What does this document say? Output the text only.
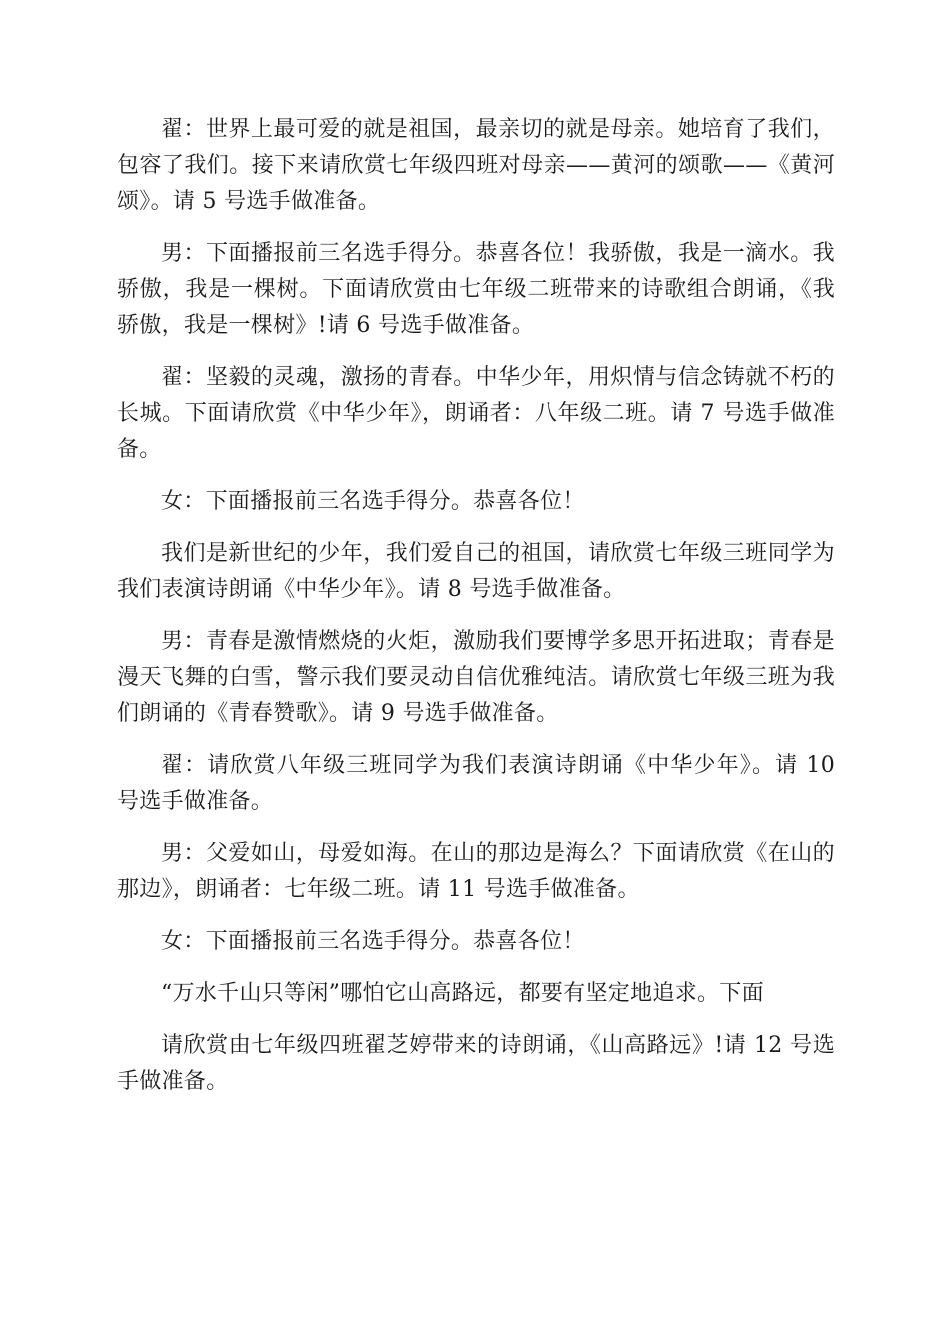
翟：世界上最可爱的就是祖国，最亲切的就是母亲。她培育了我们，包容了我们。接下来请欣赏七年级四班对母亲——黄河的颂歌——《黄河颂》。请 5 号选手做准备。

男：下面播报前三名选手得分。恭喜各位！我骄傲，我是一滴水。我骄傲，我是一棵树。下面请欣赏由七年级二班带来的诗歌组合朗诵，《我骄傲，我是一棵树》!请 6 号选手做准备。

翟：坚毅的灵魂，激扬的青春。中华少年，用炽情与信念铸就不朽的长城。下面请欣赏《中华少年》，朗诵者：八年级二班。请 7 号选手做准备。

女：下面播报前三名选手得分。恭喜各位！

我们是新世纪的少年，我们爱自己的祖国，请欣赏七年级三班同学为我们表演诗朗诵《中华少年》。请 8 号选手做准备。

男：青春是激情燃烧的火炬，激励我们要博学多思开拓进取；青春是漫天飞舞的白雪，警示我们要灵动自信优雅纯洁。请欣赏七年级三班为我们朗诵的《青春赞歌》。请 9 号选手做准备。

翟：请欣赏八年级三班同学为我们表演诗朗诵《中华少年》。请 10 号选手做准备。

男：父爱如山，母爱如海。在山的那边是海么？下面请欣赏《在山的那边》，朗诵者：七年级二班。请 11 号选手做准备。

女：下面播报前三名选手得分。恭喜各位！

“万水千山只等闲”哪怕它山高路远，都要有坚定地追求。下面

请欣赏由七年级四班翟芝婷带来的诗朗诵，《山高路远》!请 12 号选手做准备。
